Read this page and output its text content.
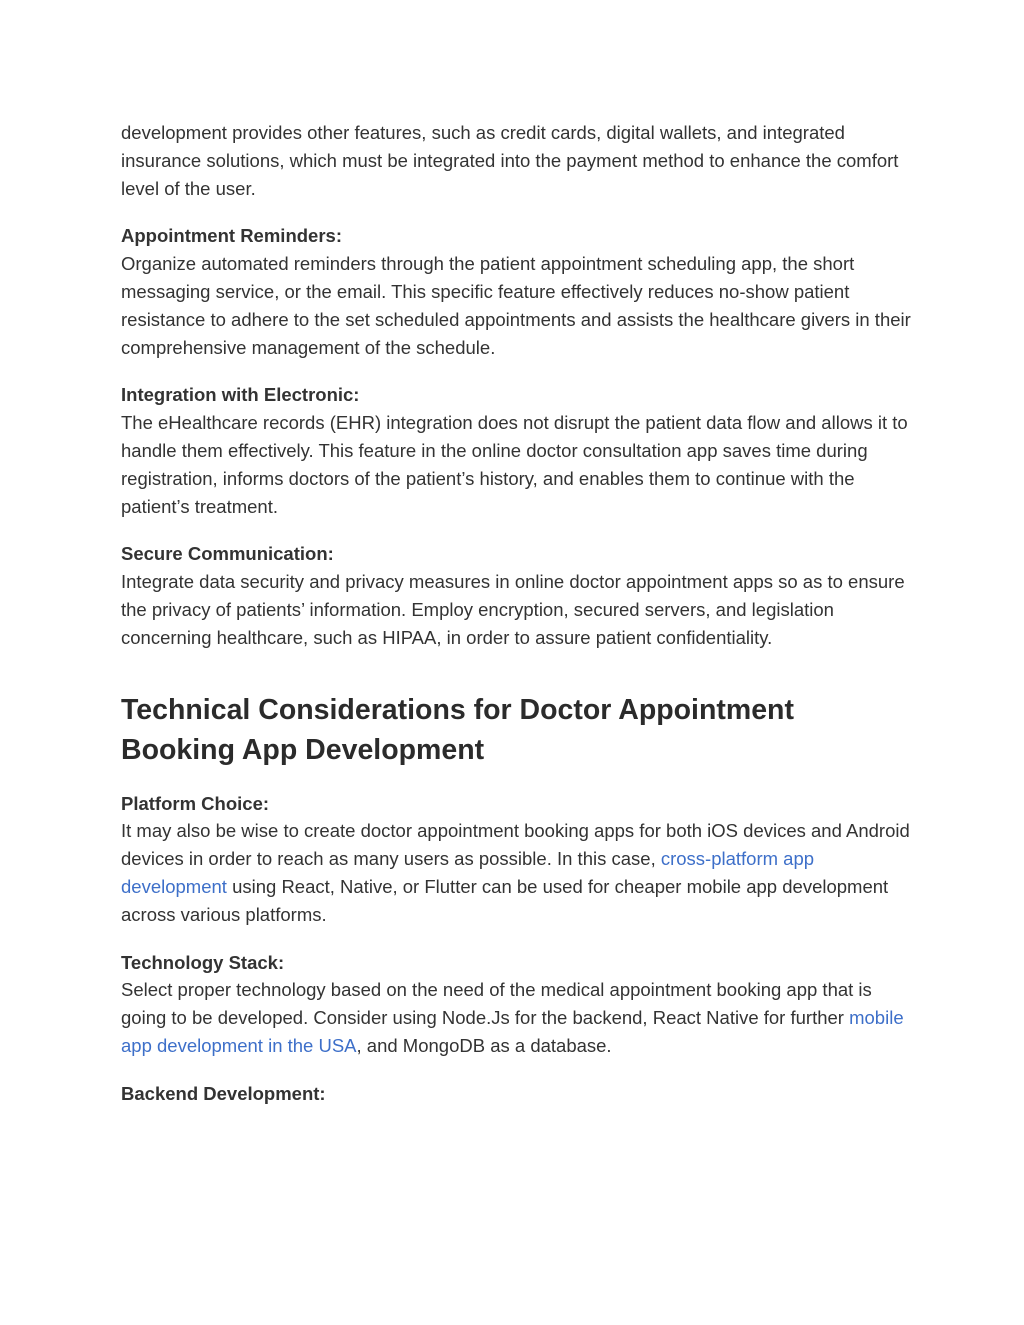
development provides other features, such as credit cards, digital wallets, and integrated insurance solutions, which must be integrated into the payment method to enhance the comfort level of the user.

Appointment Reminders:
Organize automated reminders through the patient appointment scheduling app, the short messaging service, or the email. This specific feature effectively reduces no-show patient resistance to adhere to the set scheduled appointments and assists the healthcare givers in their comprehensive management of the schedule.

Integration with Electronic:
The eHealthcare records (EHR) integration does not disrupt the patient data flow and allows it to handle them effectively. This feature in the online doctor consultation app saves time during registration, informs doctors of the patient’s history, and enables them to continue with the patient’s treatment.

Secure Communication:
Integrate data security and privacy measures in online doctor appointment apps so as to ensure the privacy of patients’ information. Employ encryption, secured servers, and legislation concerning healthcare, such as HIPAA, in order to assure patient confidentiality.

Technical Considerations for Doctor Appointment Booking App Development

Platform Choice:
It may also be wise to create doctor appointment booking apps for both iOS devices and Android devices in order to reach as many users as possible. In this case, cross-platform app development using React, Native, or Flutter can be used for cheaper mobile app development across various platforms.

Technology Stack:
Select proper technology based on the need of the medical appointment booking app that is going to be developed. Consider using Node.Js for the backend, React Native for further mobile app development in the USA, and MongoDB as a database.

Backend Development:
